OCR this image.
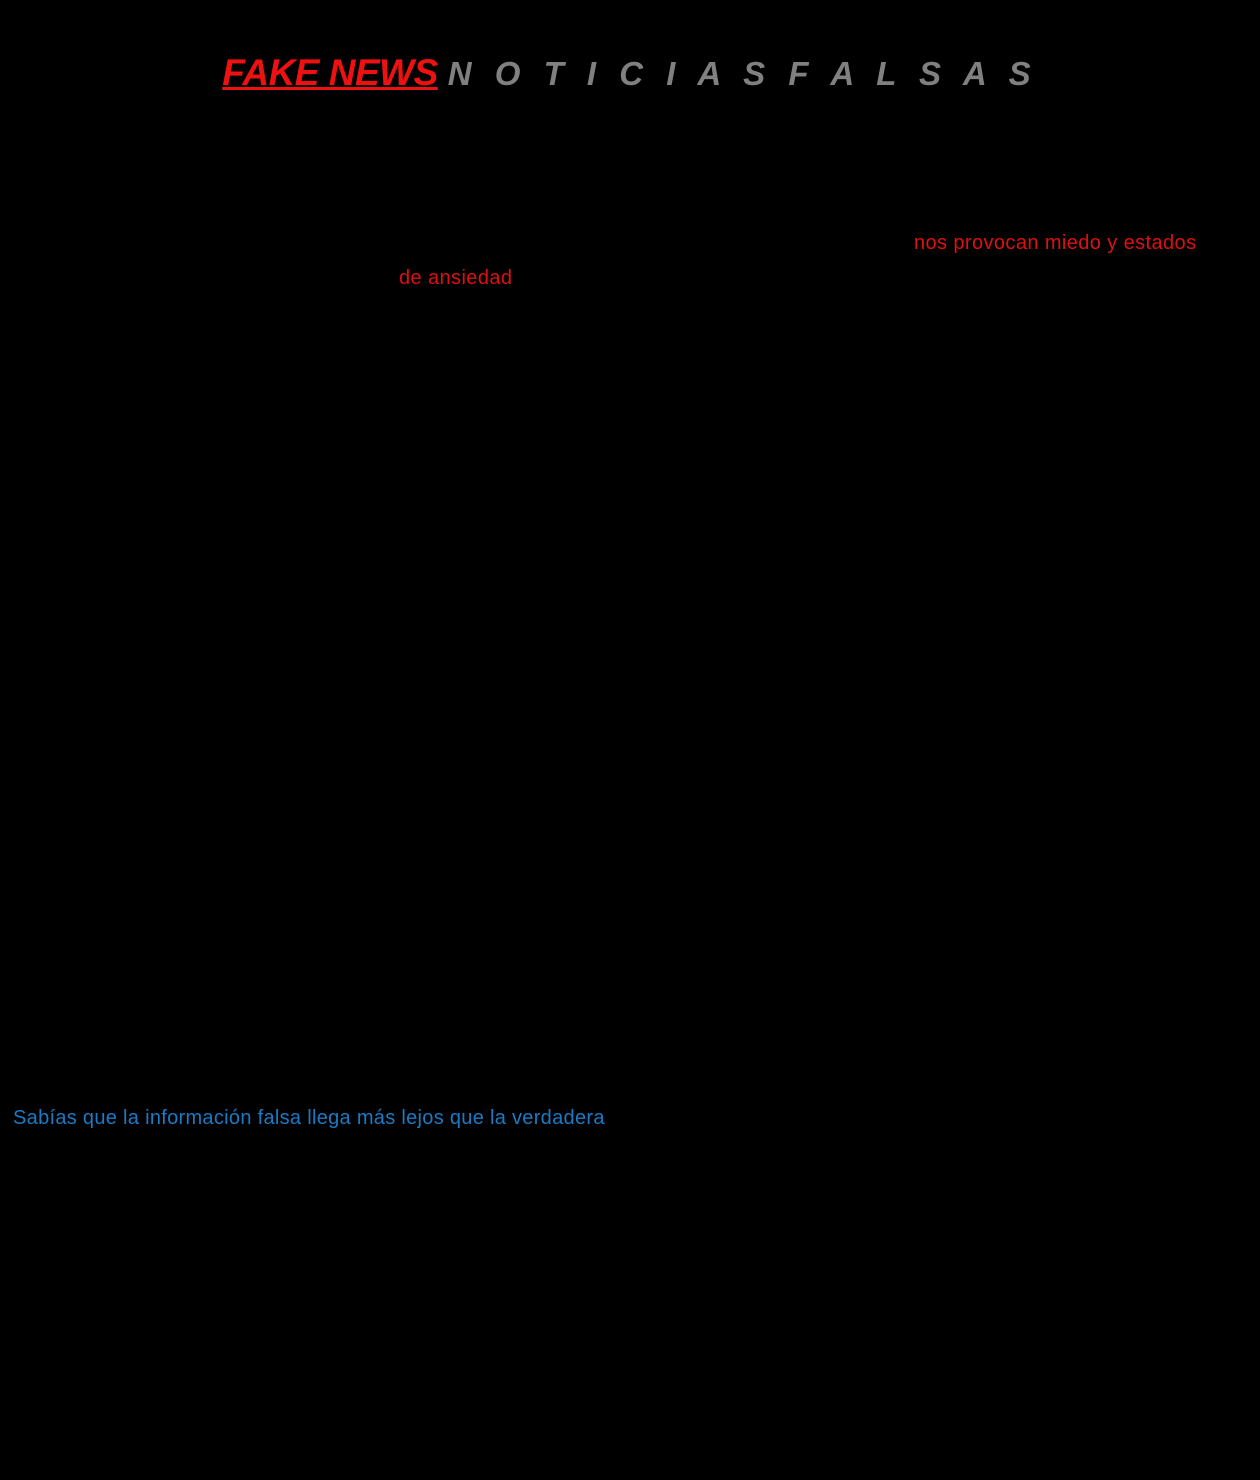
FAKE NEWS N O T I C I A S F A L S A S
nos provocan miedo y estados
de ansiedad
Sabías que la información falsa llega más lejos que la verdadera
